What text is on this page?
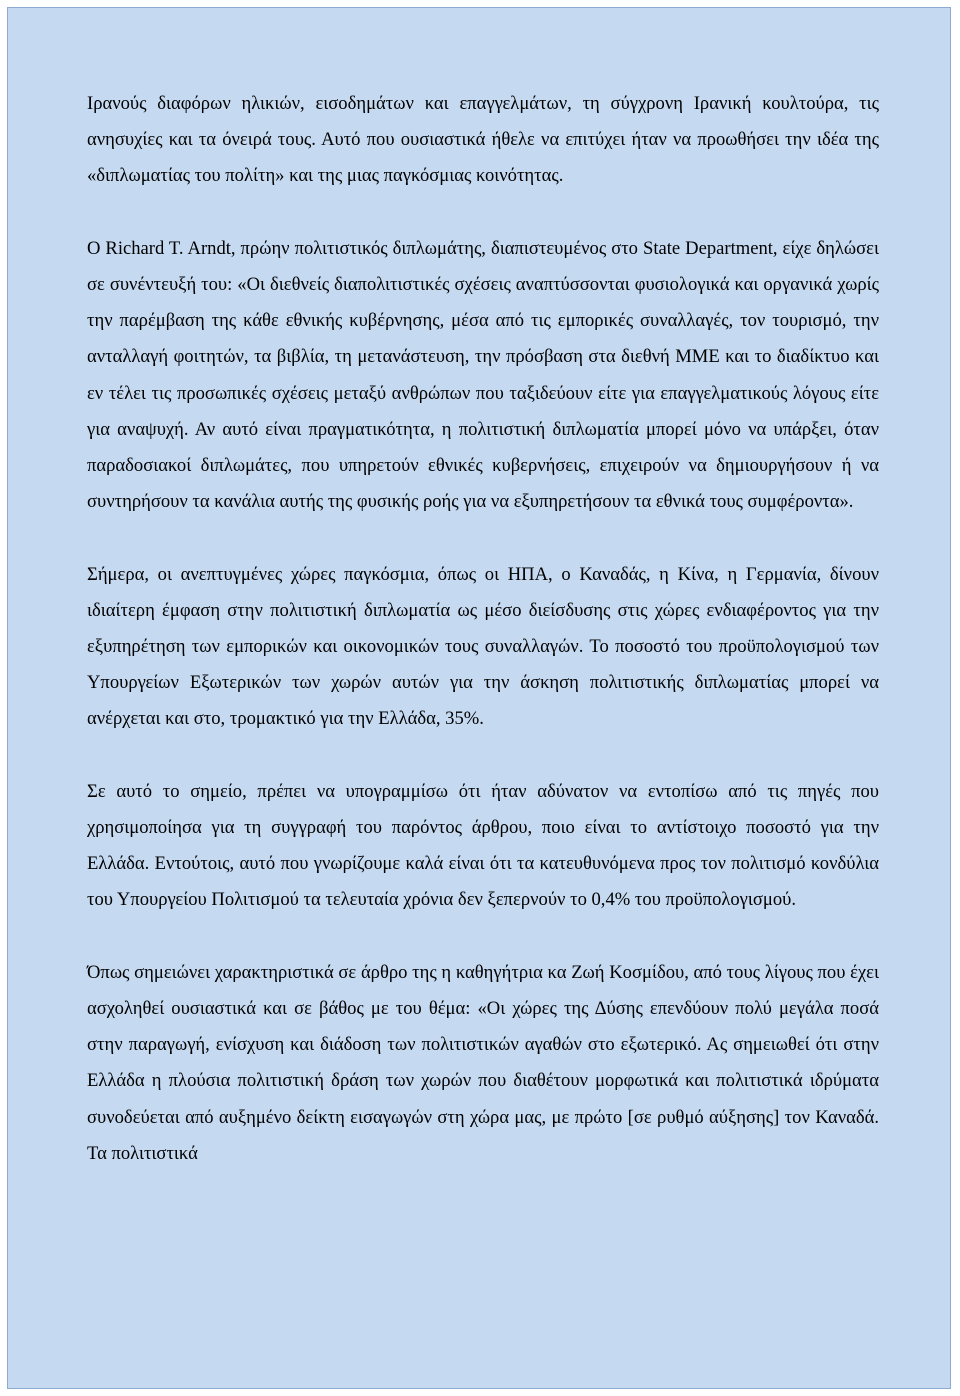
Ιρανούς διαφόρων ηλικιών, εισοδημάτων και επαγγελμάτων, τη σύγχρονη Ιρανική κουλτούρα, τις ανησυχίες και τα όνειρά τους. Αυτό που ουσιαστικά ήθελε να επιτύχει ήταν να προωθήσει την ιδέα της «διπλωματίας του πολίτη» και της μιας παγκόσμιας κοινότητας.

Ο Richard T. Arndt, πρώην πολιτιστικός διπλωμάτης, διαπιστευμένος στο State Department, είχε δηλώσει σε συνέντευξή του: «Οι διεθνείς διαπολιτιστικές σχέσεις αναπτύσσονται φυσιολογικά και οργανικά χωρίς την παρέμβαση της κάθε εθνικής κυβέρνησης, μέσα από τις εμπορικές συναλλαγές, τον τουρισμό, την ανταλλαγή φοιτητών, τα βιβλία, τη μετανάστευση, την πρόσβαση στα διεθνή ΜΜΕ και το διαδίκτυο και εν τέλει τις προσωπικές σχέσεις μεταξύ ανθρώπων που ταξιδεύουν είτε για επαγγελματικούς λόγους είτε για αναψυχή. Αν αυτό είναι πραγματικότητα, η πολιτιστική διπλωματία μπορεί μόνο να υπάρξει, όταν παραδοσιακοί διπλωμάτες, που υπηρετούν εθνικές κυβερνήσεις, επιχειρούν να δημιουργήσουν ή να συντηρήσουν τα κανάλια αυτής της φυσικής ροής για να εξυπηρετήσουν τα εθνικά τους συμφέροντα».

Σήμερα, οι ανεπτυγμένες χώρες παγκόσμια, όπως οι ΗΠΑ, ο Καναδάς, η Κίνα, η Γερμανία, δίνουν ιδιαίτερη έμφαση στην πολιτιστική διπλωματία ως μέσο διείσδυσης στις χώρες ενδιαφέροντος για την εξυπηρέτηση των εμπορικών και οικονομικών τους συναλλαγών. Το ποσοστό του προϋπολογισμού των Υπουργείων Εξωτερικών των χωρών αυτών για την άσκηση πολιτιστικής διπλωματίας μπορεί να ανέρχεται και στο, τρομακτικό για την Ελλάδα, 35%.

Σε αυτό το σημείο, πρέπει να υπογραμμίσω ότι ήταν αδύνατον να εντοπίσω από τις πηγές που χρησιμοποίησα για τη συγγραφή του παρόντος άρθρου, ποιο είναι το αντίστοιχο ποσοστό για την Ελλάδα. Εντούτοις, αυτό που γνωρίζουμε καλά είναι ότι τα κατευθυνόμενα προς τον πολιτισμό κονδύλια του Υπουργείου Πολιτισμού τα τελευταία χρόνια δεν ξεπερνούν το 0,4% του προϋπολογισμού.

Όπως σημειώνει χαρακτηριστικά σε άρθρο της η καθηγήτρια κα Ζωή Κοσμίδου, από τους λίγους που έχει ασχοληθεί ουσιαστικά και σε βάθος με του θέμα: «Οι χώρες της Δύσης επενδύουν πολύ μεγάλα ποσά στην παραγωγή, ενίσχυση και διάδοση των πολιτιστικών αγαθών στο εξωτερικό. Ας σημειωθεί ότι στην Ελλάδα η πλούσια πολιτιστική δράση των χωρών που διαθέτουν μορφωτικά και πολιτιστικά ιδρύματα συνοδεύεται από αυξημένο δείκτη εισαγωγών στη χώρα μας, με πρώτο [σε ρυθμό αύξησης] τον Καναδά. Τα πολιτιστικά
